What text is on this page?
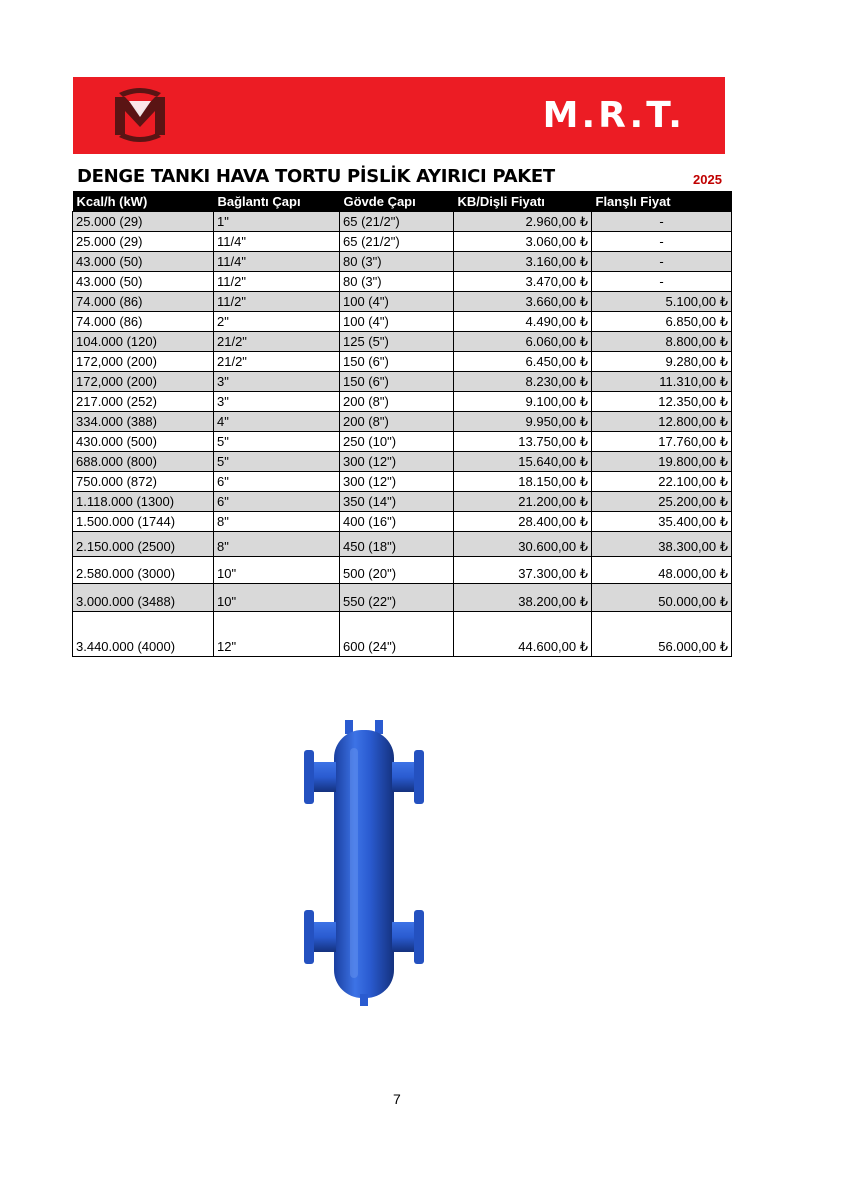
M.R.T.
DENGE TANKI HAVA TORTU PİSLİK AYIRICI PAKET	2025
Kcal/h (kW)	Bağlantı Çapı	Gövde Çapı	KB/Dişli Fiyatı	Flanşlı Fiyat
25.000 (29)	1"	65 (21/2")	2.960,00 ₺	-
25.000 (29)	11/4"	65 (21/2")	3.060,00 ₺	-
43.000 (50)	11/4"	80 (3")	3.160,00 ₺	-
43.000 (50)	11/2"	80 (3")	3.470,00 ₺	-
74.000 (86)	11/2"	100 (4")	3.660,00 ₺	5.100,00 ₺
74.000 (86)	2"	100 (4")	4.490,00 ₺	6.850,00 ₺
104.000 (120)	21/2"	125 (5")	6.060,00 ₺	8.800,00 ₺
172,000 (200)	21/2"	150 (6")	6.450,00 ₺	9.280,00 ₺
172,000 (200)	3"	150 (6")	8.230,00 ₺	11.310,00 ₺
217.000 (252)	3"	200 (8")	9.100,00 ₺	12.350,00 ₺
334.000 (388)	4"	200 (8")	9.950,00 ₺	12.800,00 ₺
430.000 (500)	5"	250 (10")	13.750,00 ₺	17.760,00 ₺
688.000 (800)	5"	300 (12")	15.640,00 ₺	19.800,00 ₺
750.000 (872)	6"	300 (12")	18.150,00 ₺	22.100,00 ₺
1.118.000 (1300)	6"	350 (14")	21.200,00 ₺	25.200,00 ₺
1.500.000 (1744)	8"	400 (16")	28.400,00 ₺	35.400,00 ₺
2.150.000 (2500)	8"	450 (18")	30.600,00 ₺	38.300,00 ₺
2.580.000 (3000)	10"	500 (20")	37.300,00 ₺	48.000,00 ₺
3.000.000 (3488)	10"	550 (22")	38.200,00 ₺	50.000,00 ₺
3.440.000 (4000)	12"	600 (24")	44.600,00 ₺	56.000,00 ₺
7
